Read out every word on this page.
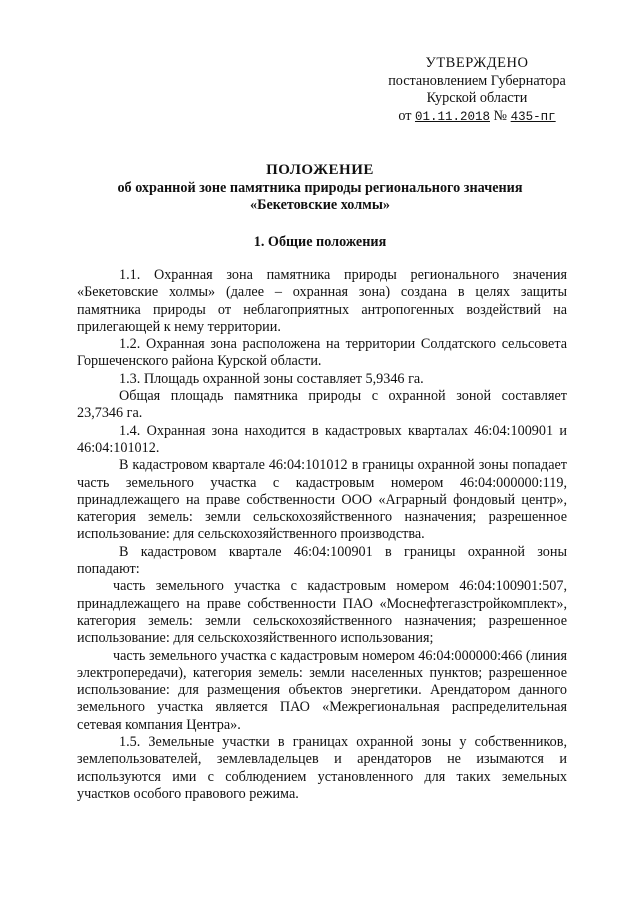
УТВЕРЖДЕНО
постановлением Губернатора
Курской области
от 01.11.2018 № 435-пг
ПОЛОЖЕНИЕ
об охранной зоне памятника природы регионального значения
«Бекетовские холмы»
1. Общие положения

1.1. Охранная зона памятника природы регионального значения «Бекетовские холмы» (далее – охранная зона) создана в целях защиты памятника природы от неблагоприятных антропогенных воздействий на прилегающей к нему территории.

1.2. Охранная зона расположена на территории Солдатского сельсовета Горшеченского района Курской области.

1.3. Площадь охранной зоны составляет 5,9346 га.

Общая площадь памятника природы с охранной зоной составляет 23,7346 га.

1.4. Охранная зона находится в кадастровых кварталах 46:04:100901 и 46:04:101012.

В кадастровом квартале 46:04:101012 в границы охранной зоны попадает часть земельного участка с кадастровым номером 46:04:000000:119, принадлежащего на праве собственности ООО «Аграрный фондовый центр», категория земель: земли сельскохозяйственного назначения; разрешенное использование: для сельскохозяйственного производства.

В кадастровом квартале 46:04:100901 в границы охранной зоны попадают:

часть земельного участка с кадастровым номером 46:04:100901:507, принадлежащего на праве собственности ПАО «Моснефтегазстройкомплект», категория земель: земли сельскохозяйственного назначения; разрешенное использование: для сельскохозяйственного использования;

часть земельного участка с кадастровым номером 46:04:000000:466 (линия электропередачи), категория земель: земли населенных пунктов; разрешенное использование: для размещения объектов энергетики. Арендатором данного земельного участка является ПАО «Межрегиональная распределительная сетевая компания Центра».

1.5. Земельные участки в границах охранной зоны у собственников, землепользователей, землевладельцев и арендаторов не изымаются и используются ими с соблюдением установленного для таких земельных участков особого правового режима.
